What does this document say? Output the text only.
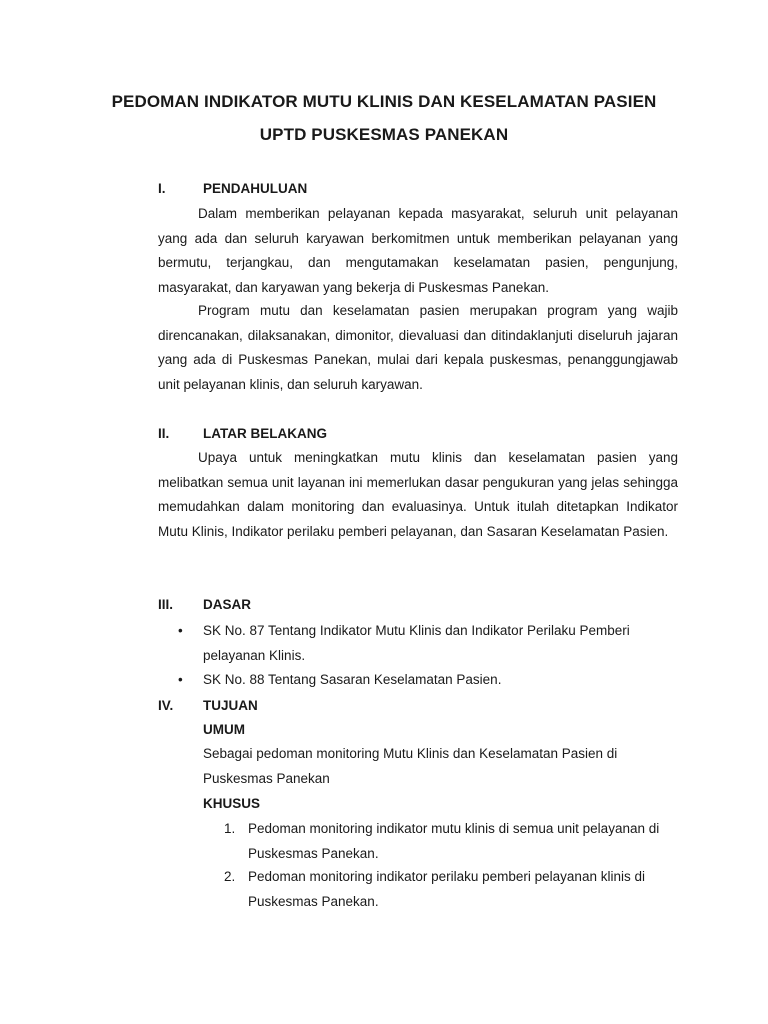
PEDOMAN INDIKATOR MUTU KLINIS DAN KESELAMATAN PASIEN
UPTD PUSKESMAS PANEKAN
I.	PENDAHULUAN
Dalam memberikan pelayanan kepada masyarakat, seluruh unit pelayanan yang ada dan seluruh karyawan berkomitmen untuk memberikan pelayanan yang bermutu, terjangkau, dan mengutamakan keselamatan pasien, pengunjung, masyarakat, dan karyawan yang bekerja di Puskesmas Panekan.
Program mutu dan keselamatan pasien merupakan program yang wajib direncanakan, dilaksanakan, dimonitor, dievaluasi dan ditindaklanjuti diseluruh jajaran yang ada di Puskesmas Panekan, mulai dari kepala puskesmas, penanggungjawab unit pelayanan klinis, dan seluruh karyawan.
II. LATAR BELAKANG
Upaya untuk meningkatkan mutu klinis dan keselamatan pasien yang melibatkan semua unit layanan ini memerlukan dasar pengukuran yang jelas sehingga memudahkan dalam monitoring dan evaluasinya. Untuk itulah ditetapkan Indikator Mutu Klinis, Indikator perilaku pemberi pelayanan, dan Sasaran Keselamatan Pasien.
III. DASAR
• SK No. 87 Tentang Indikator Mutu Klinis dan Indikator Perilaku Pemberi pelayanan Klinis.
• SK No. 88 Tentang Sasaran Keselamatan Pasien.
IV. TUJUAN
UMUM
Sebagai pedoman monitoring Mutu Klinis dan Keselamatan Pasien di Puskesmas Panekan
KHUSUS
1. Pedoman monitoring indikator mutu klinis di semua unit pelayanan di Puskesmas Panekan.
2. Pedoman monitoring indikator perilaku pemberi pelayanan klinis di Puskesmas Panekan.
